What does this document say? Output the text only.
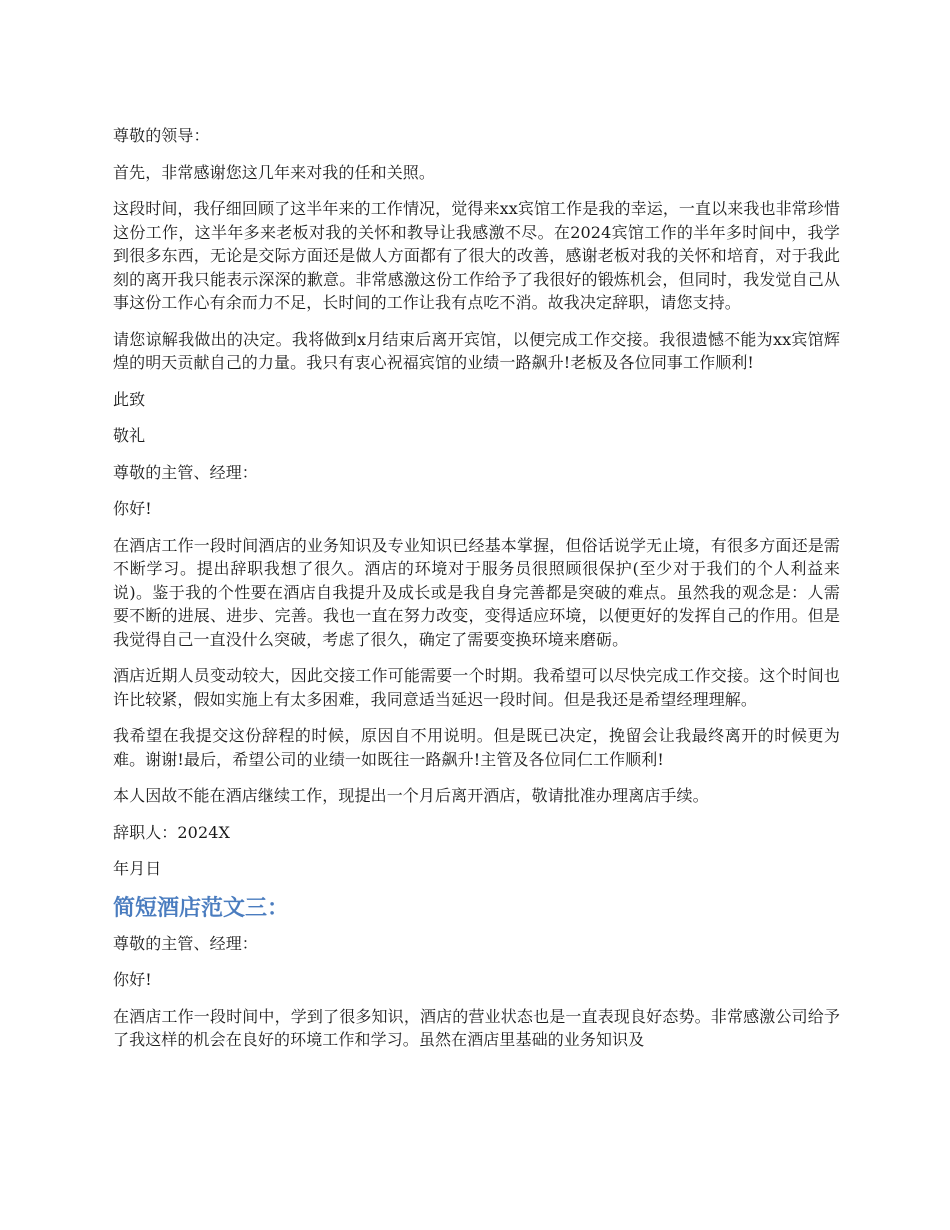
尊敬的领导：

首先，非常感谢您这几年来对我的任和关照。

这段时间，我仔细回顾了这半年来的工作情况，觉得来xx宾馆工作是我的幸运，一直以来我也非常珍惜这份工作，这半年多来老板对我的关怀和教导让我感激不尽。在2024宾馆工作的半年多时间中，我学到很多东西，无论是交际方面还是做人方面都有了很大的改善，感谢老板对我的关怀和培育，对于我此刻的离开我只能表示深深的歉意。非常感激这份工作给予了我很好的锻炼机会，但同时，我发觉自己从事这份工作心有余而力不足，长时间的工作让我有点吃不消。故我决定辞职，请您支持。

请您谅解我做出的决定。我将做到x月结束后离开宾馆，以便完成工作交接。我很遗憾不能为xx宾馆辉煌的明天贡献自己的力量。我只有衷心祝福宾馆的业绩一路飙升!老板及各位同事工作顺利!

此致

敬礼

尊敬的主管、经理：

你好!

在酒店工作一段时间酒店的业务知识及专业知识已经基本掌握，但俗话说学无止境，有很多方面还是需不断学习。提出辞职我想了很久。酒店的环境对于服务员很照顾很保护(至少对于我们的个人利益来说)。鉴于我的个性要在酒店自我提升及成长或是我自身完善都是突破的难点。虽然我的观念是：人需要不断的进展、进步、完善。我也一直在努力改变，变得适应环境，以便更好的发挥自己的作用。但是我觉得自己一直没什么突破，考虑了很久，确定了需要变换环境来磨砺。

酒店近期人员变动较大，因此交接工作可能需要一个时期。我希望可以尽快完成工作交接。这个时间也许比较紧，假如实施上有太多困难，我同意适当延迟一段时间。但是我还是希望经理理解。

我希望在我提交这份辞程的时候，原因自不用说明。但是既已决定，挽留会让我最终离开的时候更为难。谢谢!最后，希望公司的业绩一如既往一路飙升!主管及各位同仁工作顺利!

本人因故不能在酒店继续工作，现提出一个月后离开酒店，敬请批准办理离店手续。

辞职人：2024X

年月日

简短酒店范文三：

尊敬的主管、经理：

你好!

在酒店工作一段时间中，学到了很多知识，酒店的营业状态也是一直表现良好态势。非常感激公司给予了我这样的机会在良好的环境工作和学习。虽然在酒店里基础的业务知识及
